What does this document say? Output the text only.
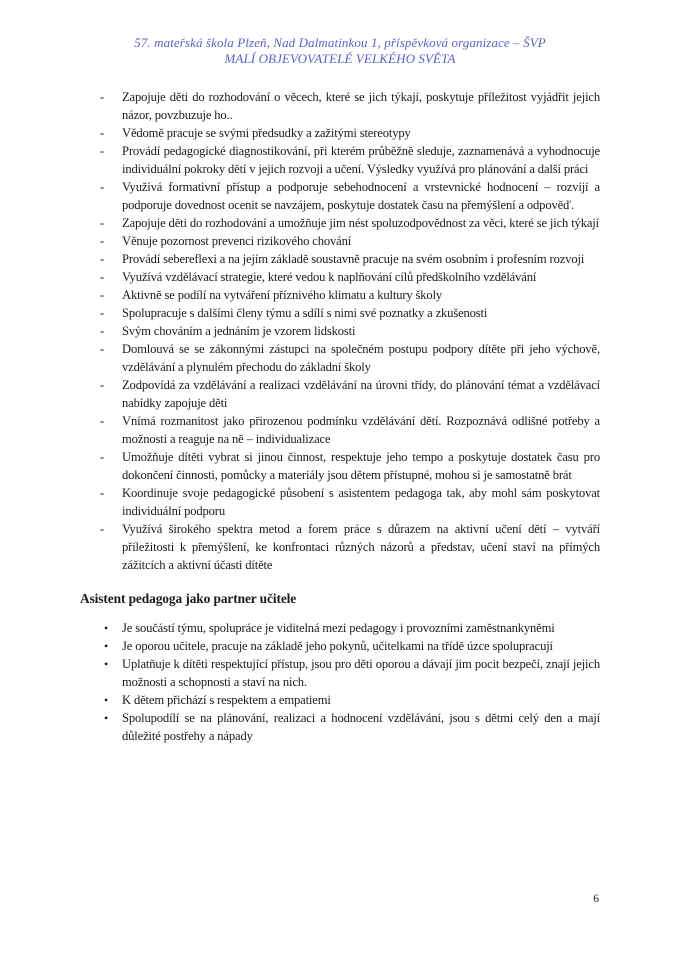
57. mateřská škola Plzeň, Nad Dalmatinkou 1, příspěvková organizace – ŠVP
MALÍ OBJEVOVATELÉ VELKÉHO SVĚTA
- Zapojuje děti do rozhodování o věcech, které se jich týkají, poskytuje příležitost vyjádřit jejich názor, povzbuzuje ho..
- Vědomě pracuje se svými předsudky a zažitými stereotypy
- Provádí pedagogické diagnostikování, při kterém průběžně sleduje, zaznamenává a vyhodnocuje individuální pokroky dětí v jejich rozvoji a učení. Výsledky využívá pro plánování a další práci
- Využívá formativní přístup a podporuje sebehodnocení a vrstevnické hodnocení – rozvíjí a podporuje dovednost ocenit se navzájem, poskytuje dostatek času na přemýšlení a odpověď.
- Zapojuje děti do rozhodování a umožňuje jim nést spoluzodpovědnost za věci, které se jich týkají
- Věnuje pozornost prevenci rizikového chování
- Provádí sebereflexi a na jejím základě soustavně pracuje na svém osobním i profesním rozvoji
- Využívá vzdělávací strategie, které vedou k naplňování cílů předškolního vzdělávání
- Aktivně se podílí na vytváření příznivého klimatu a kultury školy
- Spolupracuje s dalšími členy týmu a sdílí s nimi své poznatky a zkušenosti
- Svým chováním a jednáním je vzorem lidskosti
- Domlouvá se se zákonnými zástupci na společném postupu podpory dítěte při jeho výchově, vzdělávání a plynulém přechodu do základní školy
- Zodpovídá za vzdělávání a realizaci vzdělávání na úrovni třídy, do plánování témat a vzdělávací nabídky zapojuje děti
- Vnímá rozmanitost jako přirozenou podmínku vzdělávání dětí. Rozpoznává odlišné potřeby a možnosti a reaguje na ně – individualizace
- Umožňuje dítěti vybrat si jinou činnost, respektuje jeho tempo a poskytuje dostatek času pro dokončení činnosti, pomůcky a materiály jsou dětem přístupné, mohou si je samostatně brát
- Koordinuje svoje pedagogické působení s asistentem pedagoga tak, aby mohl sám poskytovat individuální podporu
- Využívá širokého spektra metod a forem práce s důrazem na aktivní učení dětí – vytváří příležitosti k přemýšlení, ke konfrontaci různých názorů a představ, učení staví na přímých zážitcích a aktivní účasti dítěte
Asistent pedagoga jako partner učitele
• Je součástí týmu, spolupráce je viditelná mezi pedagogy i provozními zaměstnankyněmi
• Je oporou učitele, pracuje na základě jeho pokynů, učitelkami na třídě úzce spolupracují
• Uplatňuje k dítěti respektující přístup, jsou pro děti oporou a dávají jim pocit bezpečí, znají jejich možnosti a schopnosti a staví na nich.
• K dětem přichází s respektem a empatiemi
• Spolupodílí se na plánování, realizaci a hodnocení vzdělávání, jsou s dětmi celý den a mají důležité postřehy a nápady
6
